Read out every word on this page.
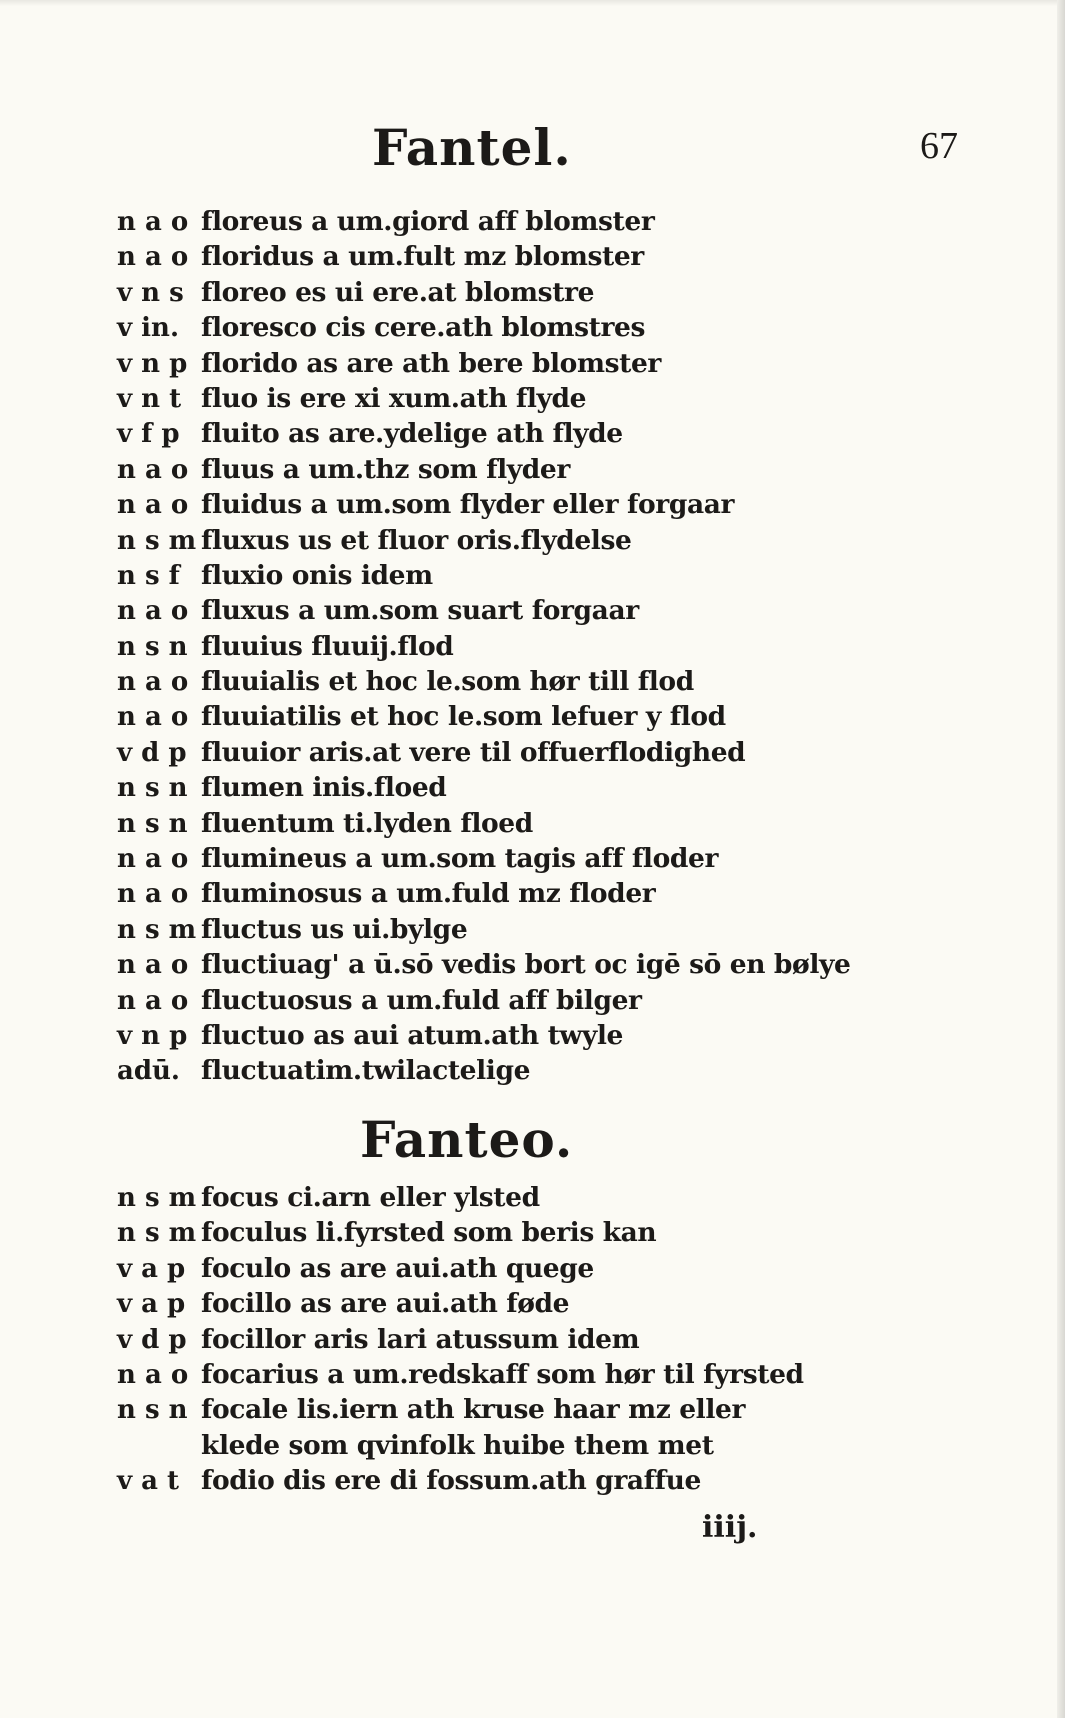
Fantel.	67
n a o floreus a um.giord aff blomster
n a o floridus a um.fult mz blomster
v n s floreo es ui ere.at blomstre
v in. floresco cis cere.ath blomstres
v n p florido as are ath bere blomster
v n t fluo is ere xi xum.ath flyde
v f p fluito as are.ydelige ath flyde
n a o fluus a um.thz som flyder
n a o fluidus a um.som flyder eller forgaar
n s m fluxus us et fluor oris.flydelse
n s f fluxio onis idem
n a o fluxus a um.som suart forgaar
n s n fluuius fluuij.flod
n a o fluuialis et hoc le.som hør till flod
n a o fluuiatilis et hoc le.som lefuer y flod
v d p fluuior aris.at vere til offuerflodighed
n s n flumen inis.floed
n s n fluentum ti.lyden floed
n a o flumineus a um.som tagis aff floder
n a o fluminosus a um.fuld mz floder
n s m fluctus us ui.bylge
n a o fluctiuag' a ū.sō vedis bort oc igē sō en bølye
n a o fluctuosus a um.fuld aff bilger
v n p fluctuo as aui atum.ath twyle
adū. fluctuatim.twilactelige
Fanteo.
n s m focus ci.arn eller ylsted
n s m foculus li.fyrsted som beris kan
v a p foculo as are aui.ath quege
v a p focillo as are aui.ath føde
v d p focillor aris lari atussum idem
n a o focarius a um.redskaff som hør til fyrsted
n s n focale lis.iern ath kruse haar mz eller
klede som qvinfolk huibe them met
v a t fodio dis ere di fossum.ath graffue
iiij.
